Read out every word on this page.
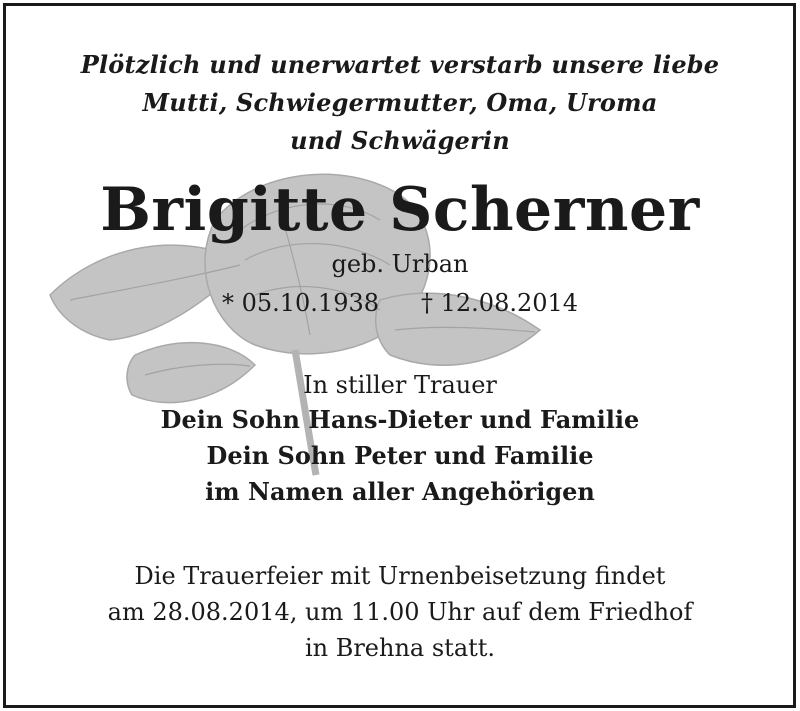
Plötzlich und unerwartet verstarb unsere liebe
Mutti, Schwiegermutter, Oma, Uroma
und Schwägerin
Brigitte Scherner
geb. Urban
* 05.10.1938 † 12.08.2014
In stiller Trauer
Dein Sohn Hans-Dieter und Familie
Dein Sohn Peter und Familie
im Namen aller Angehörigen
Die Trauerfeier mit Urnenbeisetzung findet
am 28.08.2014, um 11.00 Uhr auf dem Friedhof
in Brehna statt.
